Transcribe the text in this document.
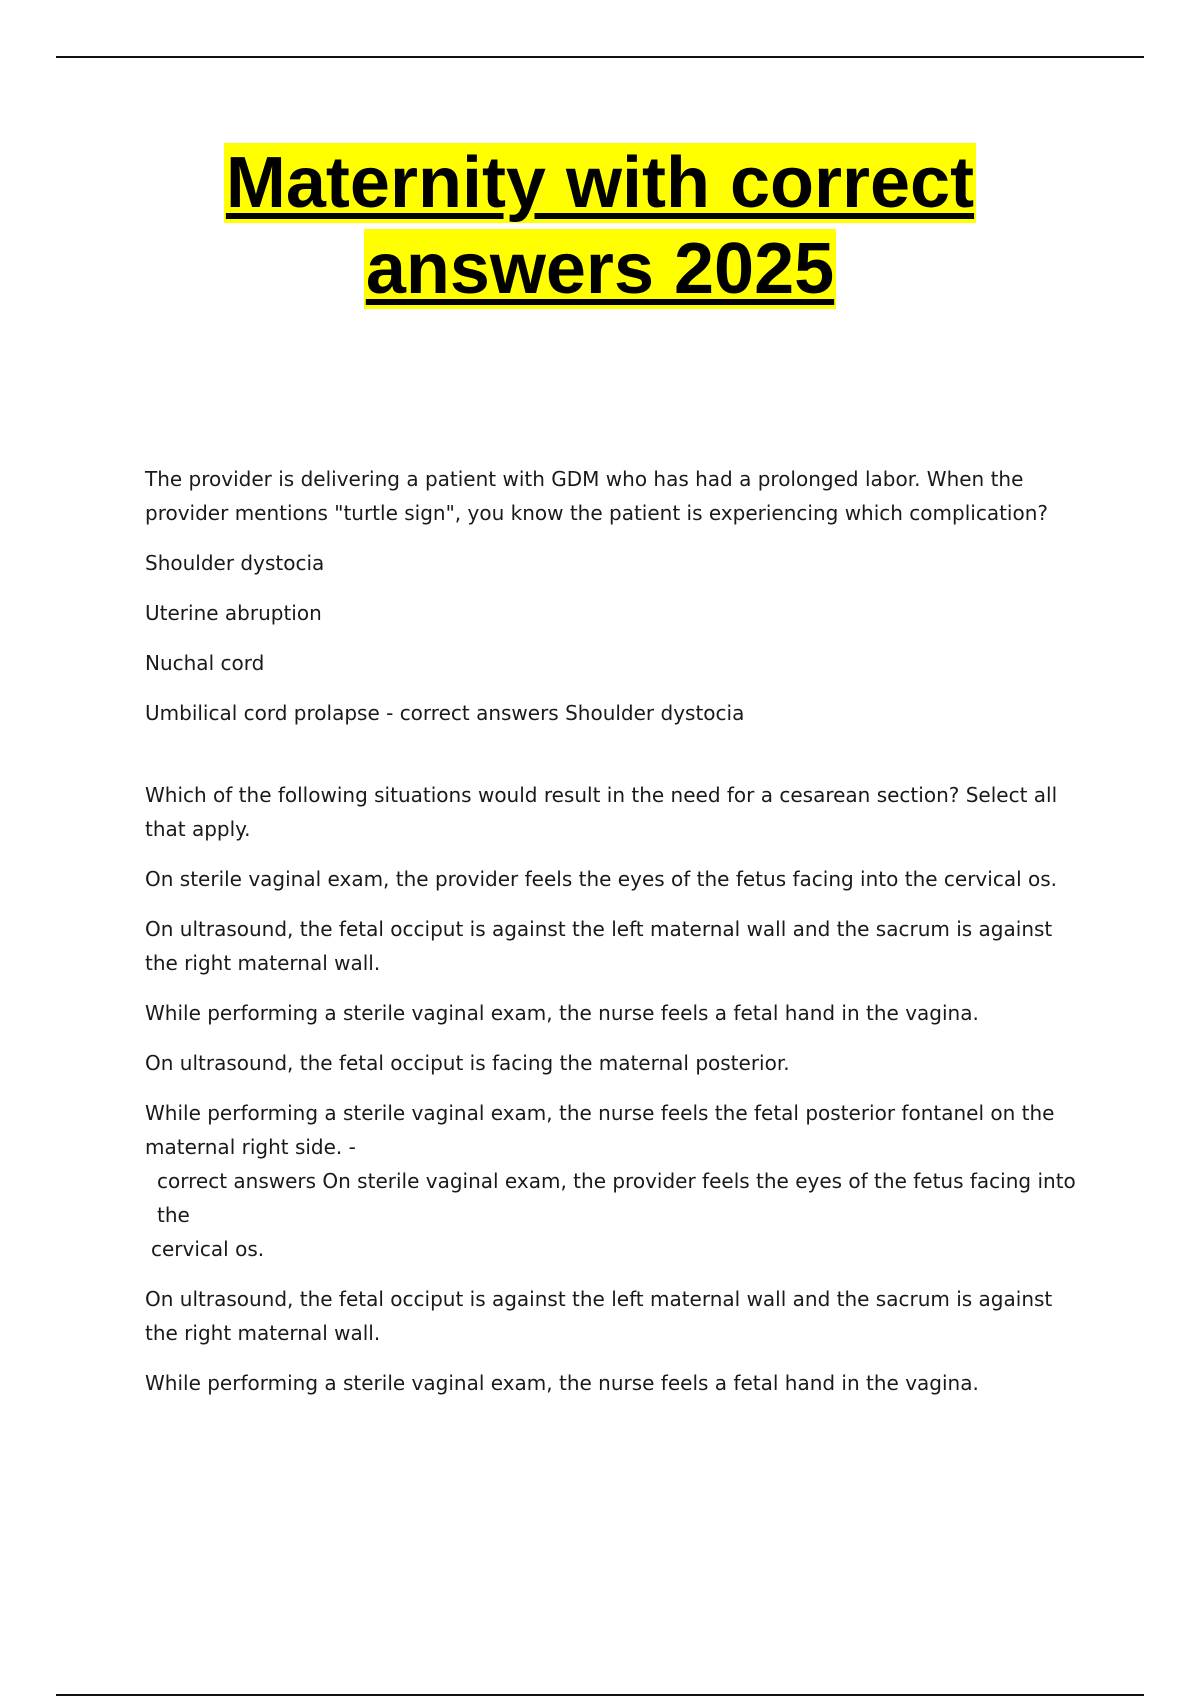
Maternity with correct
answers 2025

The provider is delivering a patient with GDM who has had a prolonged labor. When the provider mentions "turtle sign", you know the patient is experiencing which complication?

Shoulder dystocia

Uterine abruption

Nuchal cord

Umbilical cord prolapse - correct answers Shoulder dystocia

Which of the following situations would result in the need for a cesarean section? Select all that apply.

On sterile vaginal exam, the provider feels the eyes of the fetus facing into the cervical os.

On ultrasound, the fetal occiput is against the left maternal wall and the sacrum is against the right maternal wall.

While performing a sterile vaginal exam, the nurse feels a fetal hand in the vagina.

On ultrasound, the fetal occiput is facing the maternal posterior.

While performing a sterile vaginal exam, the nurse feels the fetal posterior fontanel on the maternal right side. -

correct answers On sterile vaginal exam, the provider feels the eyes of the fetus facing into the

cervical os.

On ultrasound, the fetal occiput is against the left maternal wall and the sacrum is against the right maternal wall.

While performing a sterile vaginal exam, the nurse feels a fetal hand in the vagina.
